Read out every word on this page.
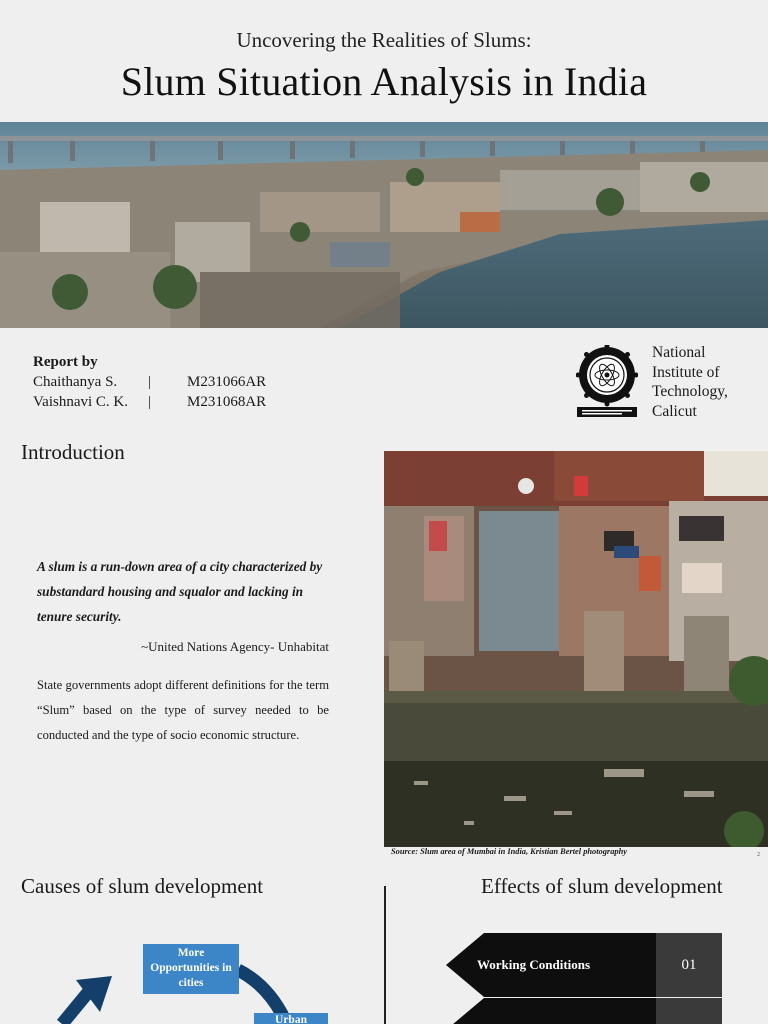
Uncovering the Realities of Slums:
Slum Situation Analysis in India
Report by
Chaithanya S. | M231066AR
Vaishnavi C. K. | M231068AR
National
Institute of
Technology,
Calicut
Introduction
A slum is a run-down area of a city characterized by substandard housing and squalor and lacking in tenure security.
~United Nations Agency- Unhabitat
State governments adopt different definitions for the term “Slum” based on the type of survey needed to be conducted and the type of socio economic structure.
Source: Slum area of Mumbai in India, Kristian Bertel photography	2
Causes of slum development	Effects of slum development
More Opportunities in cities
Urban
Working Conditions	01
